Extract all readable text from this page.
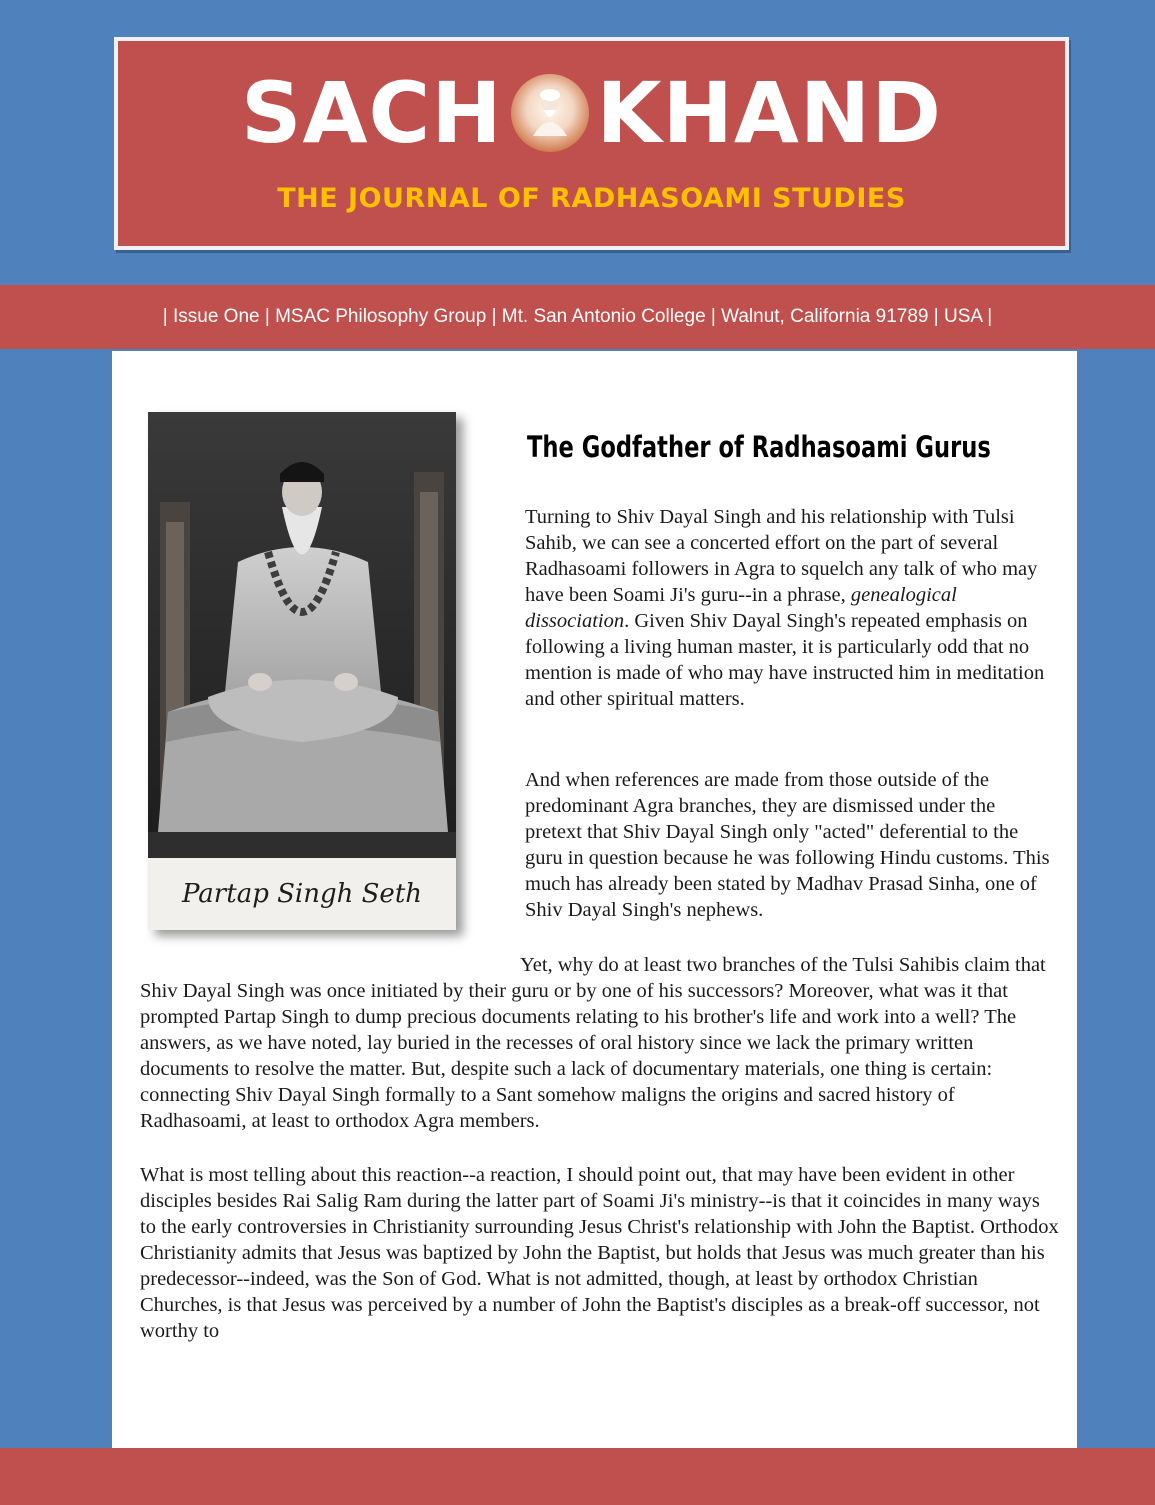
SACH KHAND
THE JOURNAL OF RADHASOAMI STUDIES
| Issue One | MSAC Philosophy Group | Mt. San Antonio College | Walnut, California 91789 | USA |
Partap Singh Seth
The Godfather of Radhasoami Gurus

Turning to Shiv Dayal Singh and his relationship with Tulsi Sahib, we can see a concerted effort on the part of several Radhasoami followers in Agra to squelch any talk of who may have been Soami Ji's guru--in a phrase, genealogical dissociation. Given Shiv Dayal Singh's repeated emphasis on following a living human master, it is particularly odd that no mention is made of who may have instructed him in meditation and other spiritual matters.

And when references are made from those outside of the predominant Agra branches, they are dismissed under the pretext that Shiv Dayal Singh only "acted" deferential to the guru in question because he was following Hindu customs. This much has already been stated by Madhav Prasad Sinha, one of Shiv Dayal Singh's nephews.

Yet, why do at least two branches of the Tulsi Sahibis claim that Shiv Dayal Singh was once initiated by their guru or by one of his successors? Moreover, what was it that prompted Partap Singh to dump precious documents relating to his brother's life and work into a well? The answers, as we have noted, lay buried in the recesses of oral history since we lack the primary written documents to resolve the matter. But, despite such a lack of documentary materials, one thing is certain: connecting Shiv Dayal Singh formally to a Sant somehow maligns the origins and sacred history of Radhasoami, at least to orthodox Agra members.

What is most telling about this reaction--a reaction, I should point out, that may have been evident in other disciples besides Rai Salig Ram during the latter part of Soami Ji's ministry--is that it coincides in many ways to the early controversies in Christianity surrounding Jesus Christ's relationship with John the Baptist. Orthodox Christianity admits that Jesus was baptized by John the Baptist, but holds that Jesus was much greater than his predecessor--indeed, was the Son of God. What is not admitted, though, at least by orthodox Christian Churches, is that Jesus was perceived by a number of John the Baptist's disciples as a break-off successor, not worthy to
